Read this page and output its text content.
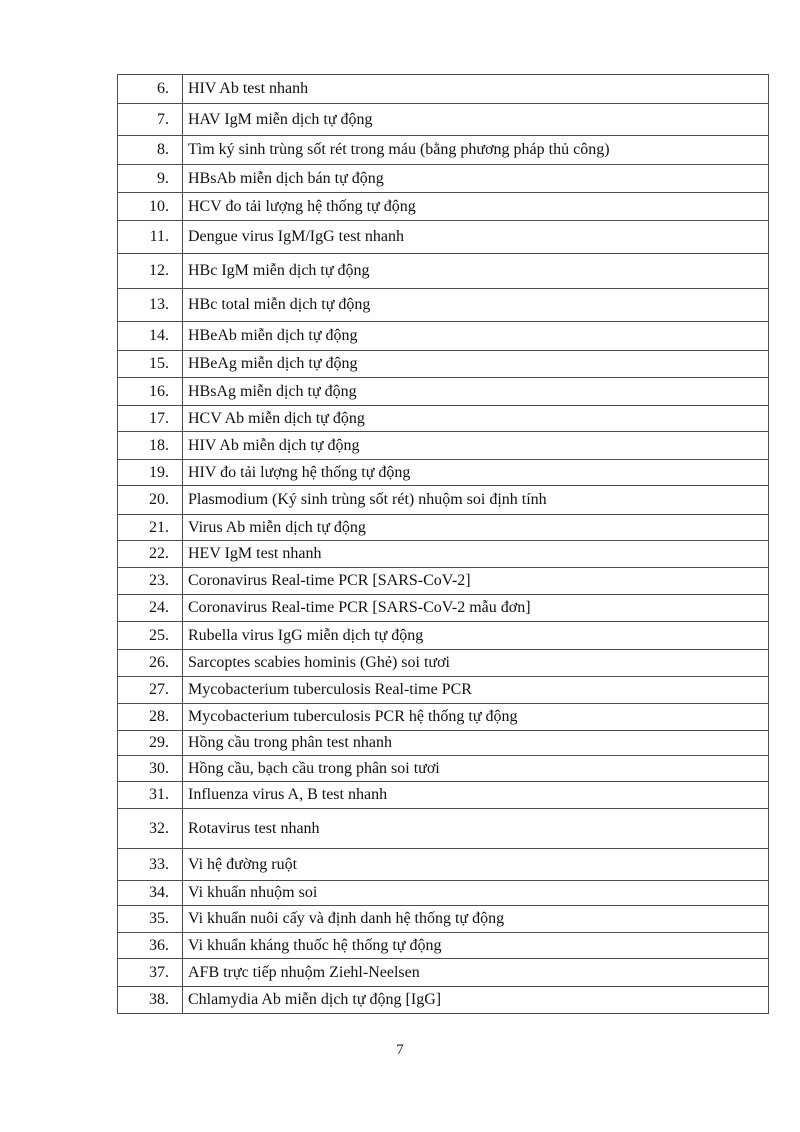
6.	HIV Ab test nhanh
7.	HAV IgM miễn dịch tự động
8.	Tìm ký sinh trùng sốt rét trong máu (bằng phương pháp thủ công)
9.	HBsAb miễn dịch bán tự động
10.	HCV đo tải lượng hệ thống tự động
11.	Dengue virus IgM/IgG test nhanh
12.	HBc IgM miễn dịch tự động
13.	HBc total miễn dịch tự động
14.	HBeAb miễn dịch tự động
15.	HBeAg miễn dịch tự động
16.	HBsAg miễn dịch tự động
17.	HCV Ab miễn dịch tự động
18.	HIV Ab miễn dịch tự động
19.	HIV đo tải lượng hệ thống tự động
20.	Plasmodium (Ký sinh trùng sốt rét) nhuộm soi định tính
21.	Virus Ab miễn dịch tự động
22.	HEV IgM test nhanh
23.	Coronavirus Real-time PCR [SARS-CoV-2]
24.	Coronavirus Real-time PCR [SARS-CoV-2 mẫu đơn]
25.	Rubella virus IgG miễn dịch tự động
26.	Sarcoptes scabies hominis (Ghẻ) soi tươi
27.	Mycobacterium tuberculosis Real-time PCR
28.	Mycobacterium tuberculosis PCR hệ thống tự động
29.	Hồng cầu trong phân test nhanh
30.	Hồng cầu, bạch cầu trong phân soi tươi
31.	Influenza virus A, B test nhanh
32.	Rotavirus test nhanh
33.	Vi hệ đường ruột
34.	Vi khuẩn nhuộm soi
35.	Vi khuẩn nuôi cấy và định danh hệ thống tự động
36.	Vi khuẩn kháng thuốc hệ thống tự động
37.	AFB trực tiếp nhuộm Ziehl-Neelsen
38.	Chlamydia Ab miễn dịch tự động [IgG]
7
